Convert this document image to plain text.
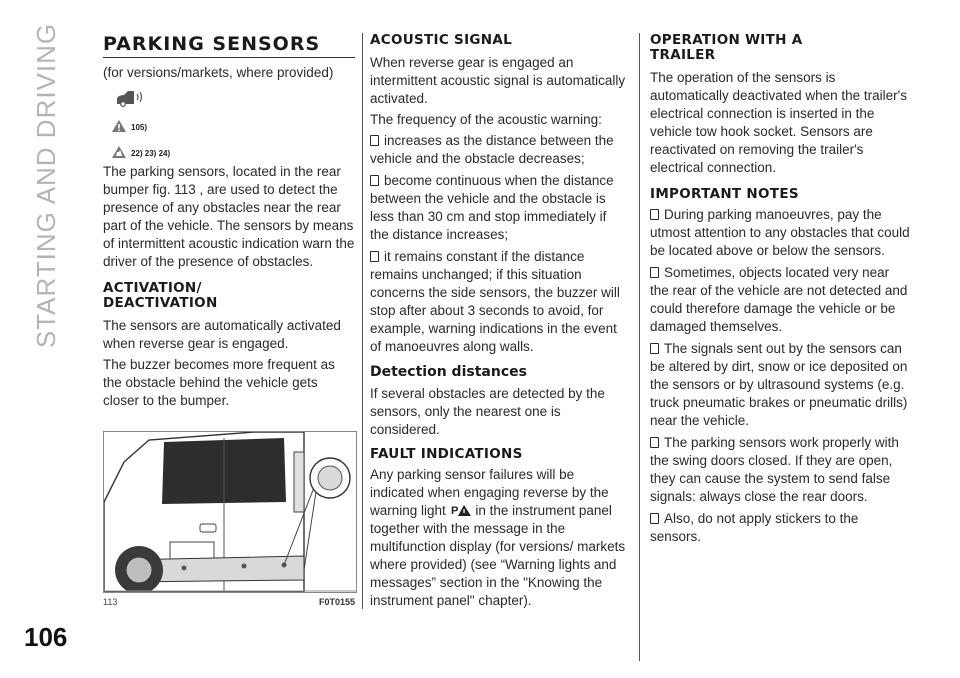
STARTING AND DRIVING
106
PARKING SENSORS

(for versions/markets, where provided)

105)
22) 23) 24)

The parking sensors, located in the rear bumper fig. 113 , are used to detect the presence of any obstacles near the rear part of the vehicle. The sensors by means of intermittent acoustic indication warn the driver of the presence of obstacles.

ACTIVATION/ DEACTIVATION

The sensors are automatically activated when reverse gear is engaged.

The buzzer becomes more frequent as the obstacle behind the vehicle gets closer to the bumper.

113	F0T0155
ACOUSTIC SIGNAL

When reverse gear is engaged an intermittent acoustic signal is automatically activated.

The frequency of the acoustic warning:

increases as the distance between the vehicle and the obstacle decreases;
become continuous when the distance between the vehicle and the obstacle is less than 30 cm and stop immediately if the distance increases;
it remains constant if the distance remains unchanged; if this situation concerns the side sensors, the buzzer will stop after about 3 seconds to avoid, for example, warning indications in the event of manoeuvres along walls.
Detection distances

If several obstacles are detected by the sensors, only the nearest one is considered.

FAULT INDICATIONS

Any parking sensor failures will be indicated when engaging reverse by the warning light P in the instrument panel together with the message in the multifunction display (for versions/ markets where provided) (see “Warning lights and messages” section in the "Knowing the instrument panel" chapter).

OPERATION WITH A TRAILER

The operation of the sensors is automatically deactivated when the trailer's electrical connection is inserted in the vehicle tow hook socket. Sensors are reactivated on removing the trailer's electrical connection.

IMPORTANT NOTES
During parking manoeuvres, pay the utmost attention to any obstacles that could be located above or below the sensors.
Sometimes, objects located very near the rear of the vehicle are not detected and could therefore damage the vehicle or be damaged themselves.
The signals sent out by the sensors can be altered by dirt, snow or ice deposited on the sensors or by ultrasound systems (e.g. truck pneumatic brakes or pneumatic drills) near the vehicle.
The parking sensors work properly with the swing doors closed. If they are open, they can cause the system to send false signals: always close the rear doors.
Also, do not apply stickers to the sensors.
